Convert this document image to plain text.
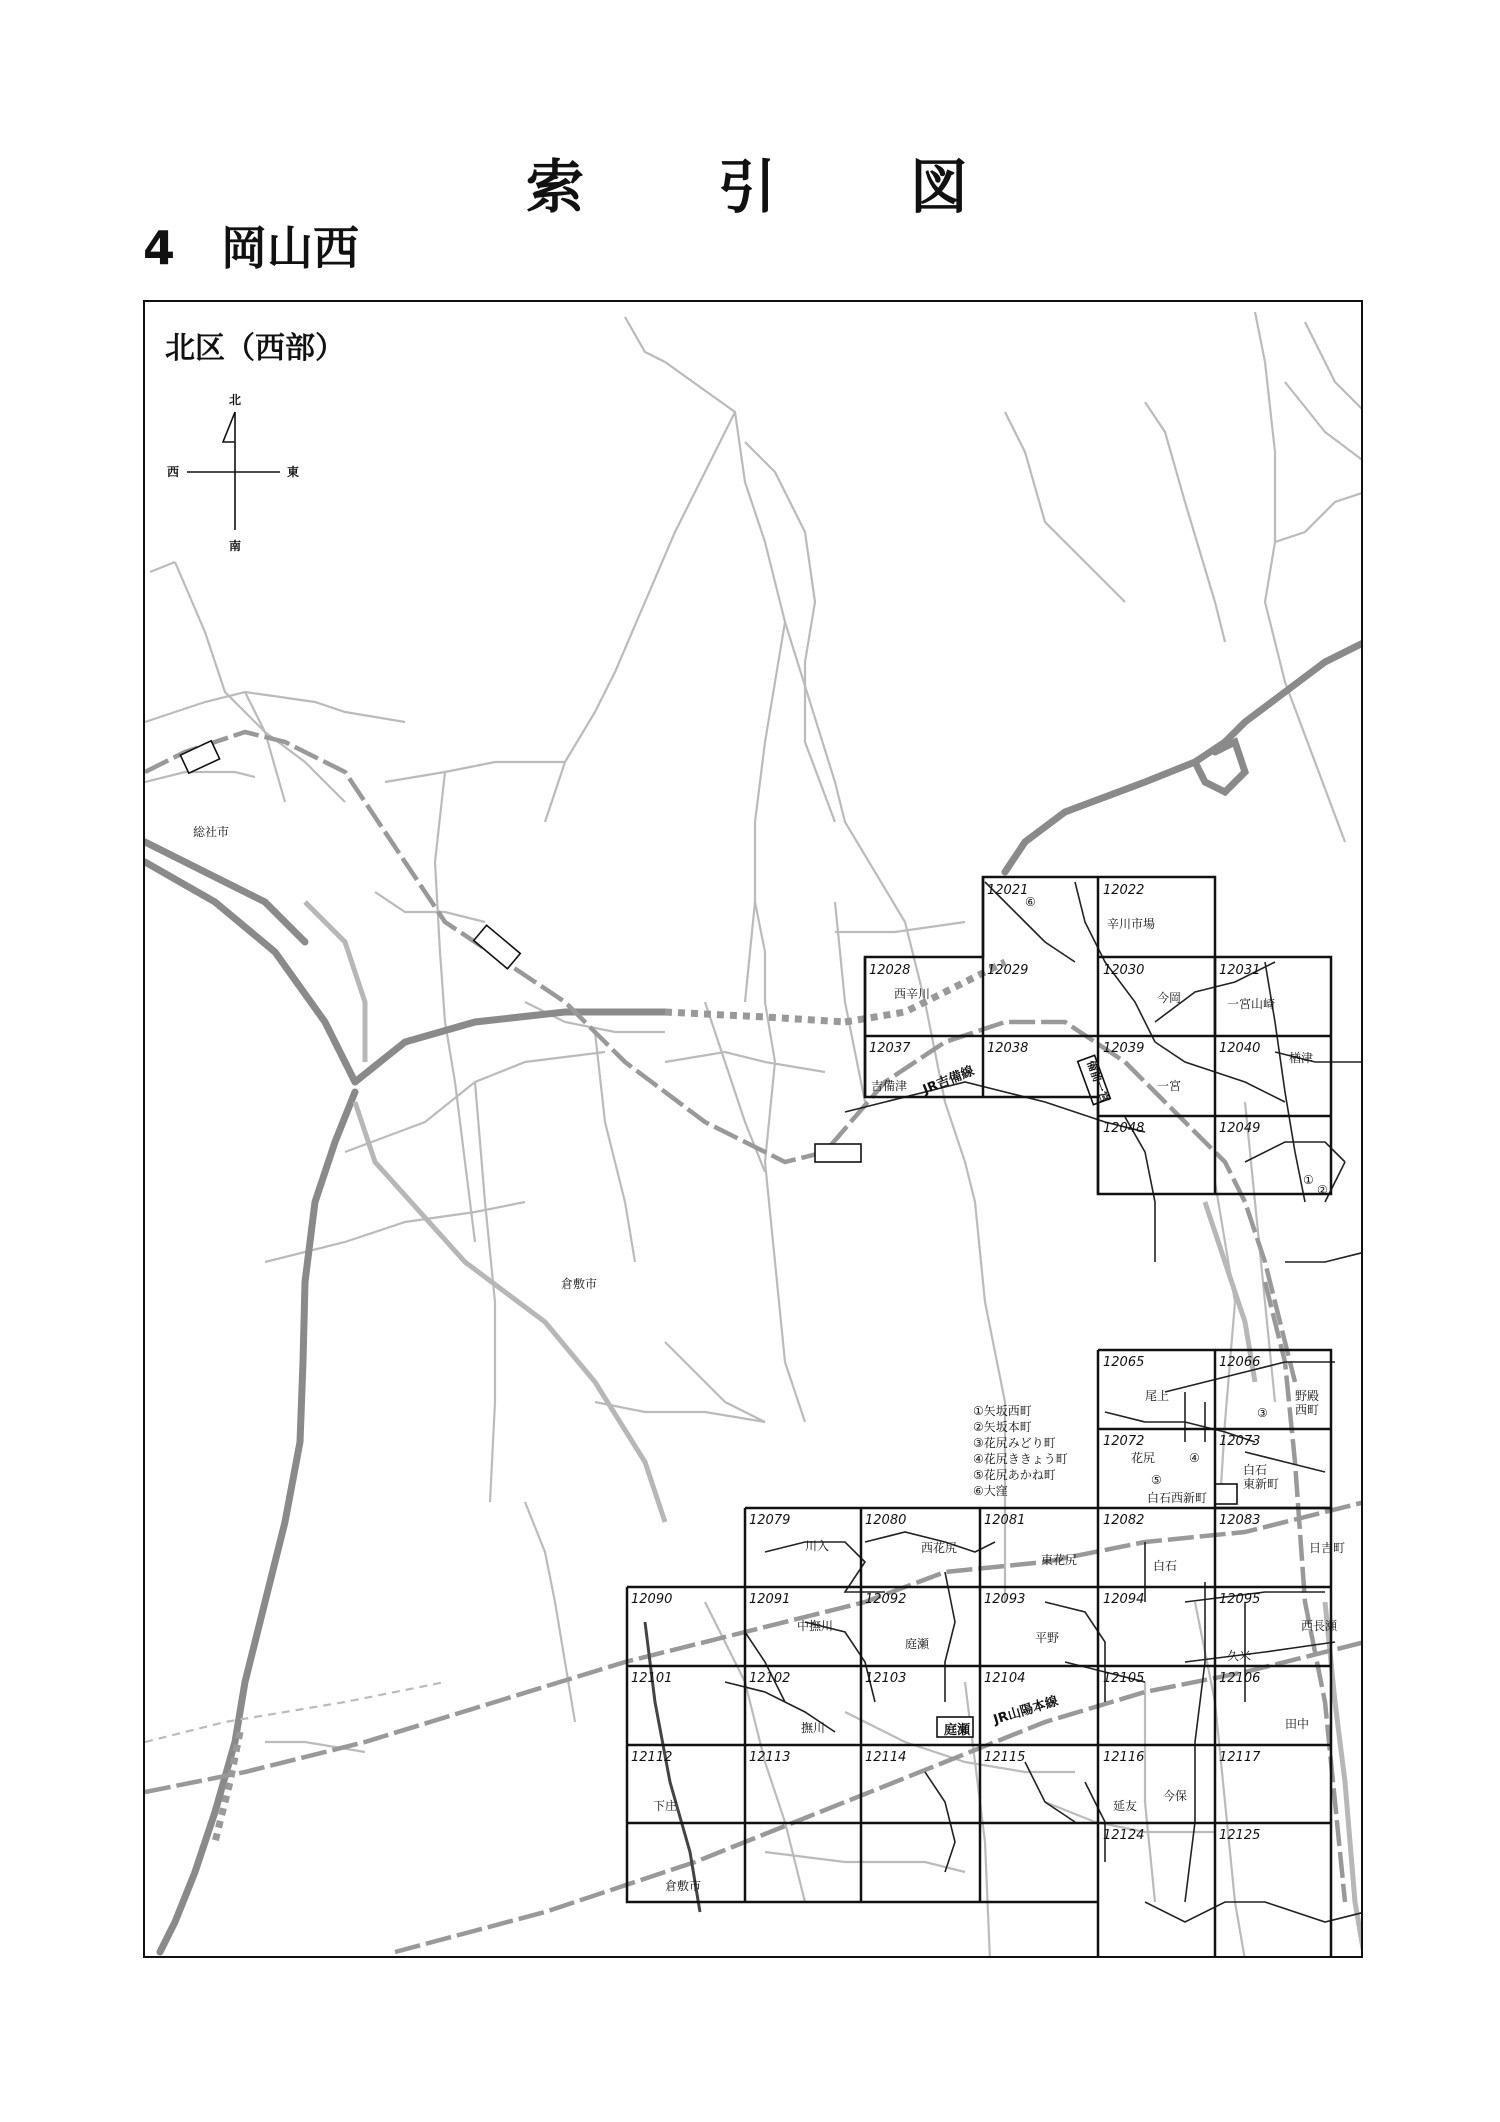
索　　引　　図
4　岡山西
12021	12022
12028	12029	12030	12031
12037	12038	12039	12040
12048	12049
12065	12066
12072	12073
12079	12080	12081	12082	12083
12090	12091	12092	12093	12094	12095
12101	12102	12103	12104	12105	12106
12112	12113	12114	12115	12116	12117
12124	12125
総社市
倉敷市
倉敷市
辛川市場
西辛川	今岡	一宮山崎
吉備津
楢津
一宮
尾上	野殿西町
花尻
白石東新町
白石西新町
川入	西花尻
東花尻	白石
日吉町
中撫川
庭瀬	平野
西長瀬
久米
撫川	田中
下庄	延友
今保
①
②
③
④
⑤
⑥
①矢坂西町
②矢坂本町
③花尻みどり町
④花尻ききょう町
⑤花尻あかね町
⑥大窪
JR吉備線
JR山陽本線
庭瀬
備前一宮
北区（西部）
北
南
東
西
